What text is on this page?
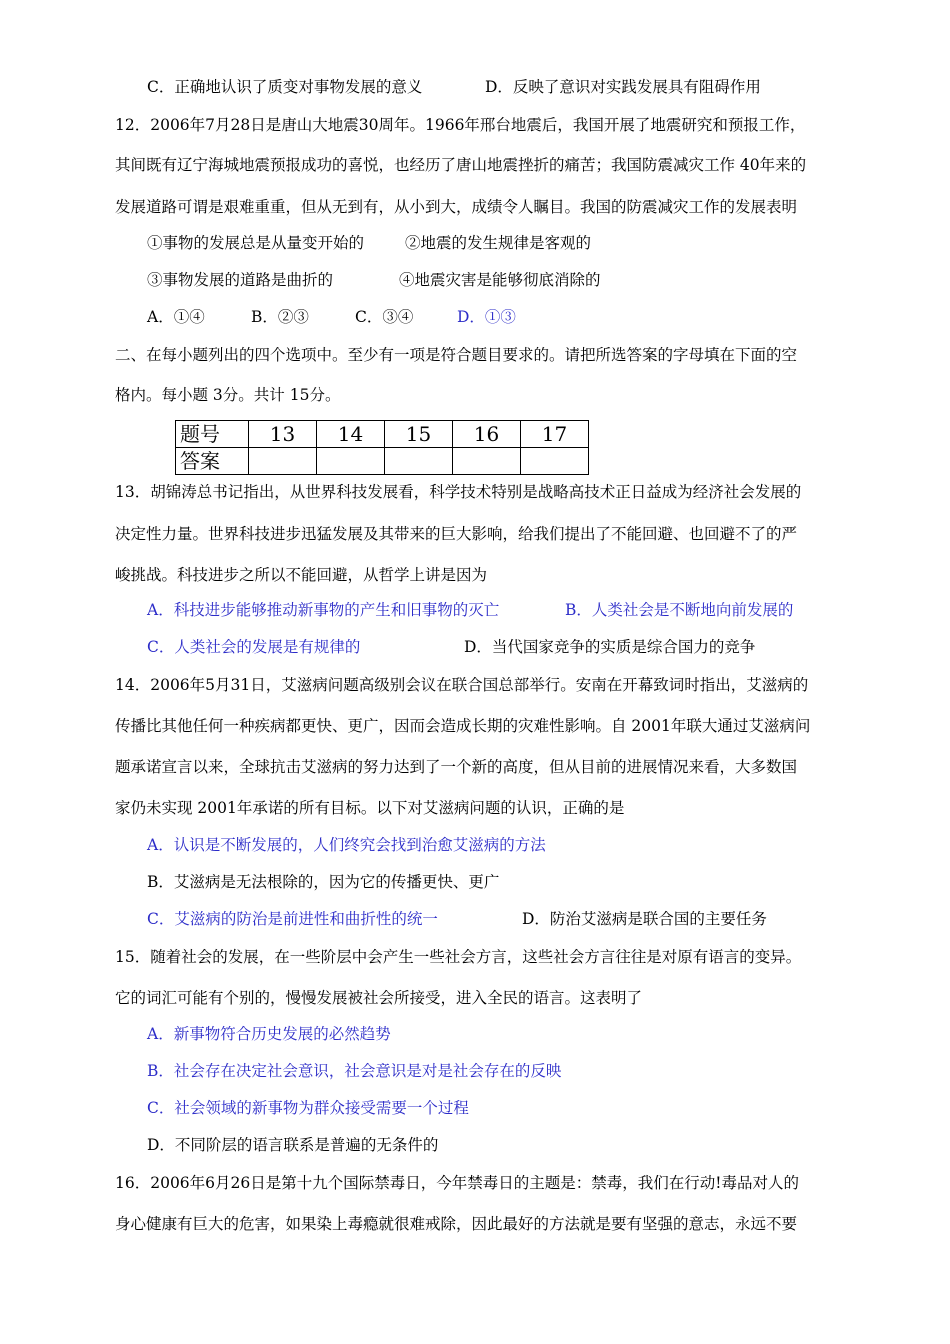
C．正确地认识了质变对事物发展的意义	D．反映了意识对实践发展具有阻碍作用
12．2006年7月28日是唐山大地震30周年。1966年邢台地震后，我国开展了地震研究和预报工作，
其间既有辽宁海城地震预报成功的喜悦，也经历了唐山地震挫折的痛苦；我国防震减灾工作 40年来的
发展道路可谓是艰难重重，但从无到有，从小到大，成绩令人瞩目。我国的防震减灾工作的发展表明
①事物的发展总是从量变开始的	②地震的发生规律是客观的
③事物发展的道路是曲折的	④地震灾害是能够彻底消除的
A．①④	B．②③	C．③④	D．①③
二、在每小题列出的四个选项中。至少有一项是符合题目要求的。请把所选答案的字母填在下面的空
格内。每小题 3分。共计 15分。
题号	13	14	15	16	17
答案					
13．胡锦涛总书记指出，从世界科技发展看，科学技术特别是战略高技术正日益成为经济社会发展的
决定性力量。世界科技进步迅猛发展及其带来的巨大影响，给我们提出了不能回避、也回避不了的严
峻挑战。科技进步之所以不能回避，从哲学上讲是因为
A．科技进步能够推动新事物的产生和旧事物的灭亡	B．人类社会是不断地向前发展的
C．人类社会的发展是有规律的	D．当代国家竞争的实质是综合国力的竞争
14．2006年5月31日，艾滋病问题高级别会议在联合国总部举行。安南在开幕致词时指出，艾滋病的
传播比其他任何一种疾病都更快、更广，因而会造成长期的灾难性影响。自 2001年联大通过艾滋病问
题承诺宣言以来，全球抗击艾滋病的努力达到了一个新的高度，但从目前的进展情况来看，大多数国
家仍未实现 2001年承诺的所有目标。以下对艾滋病问题的认识，正确的是
A．认识是不断发展的，人们终究会找到治愈艾滋病的方法
B．艾滋病是无法根除的，因为它的传播更快、更广
C．艾滋病的防治是前进性和曲折性的统一	D．防治艾滋病是联合国的主要任务
15．随着社会的发展，在一些阶层中会产生一些社会方言，这些社会方言往往是对原有语言的变异。
它的词汇可能有个别的，慢慢发展被社会所接受，进入全民的语言。这表明了
A．新事物符合历史发展的必然趋势
B．社会存在决定社会意识，社会意识是对是社会存在的反映
C．社会领域的新事物为群众接受需要一个过程
D．不同阶层的语言联系是普遍的无条件的
16．2006年6月26日是第十九个国际禁毒日，今年禁毒日的主题是：禁毒，我们在行动!毒品对人的
身心健康有巨大的危害，如果染上毒瘾就很难戒除，因此最好的方法就是要有坚强的意志，永远不要
